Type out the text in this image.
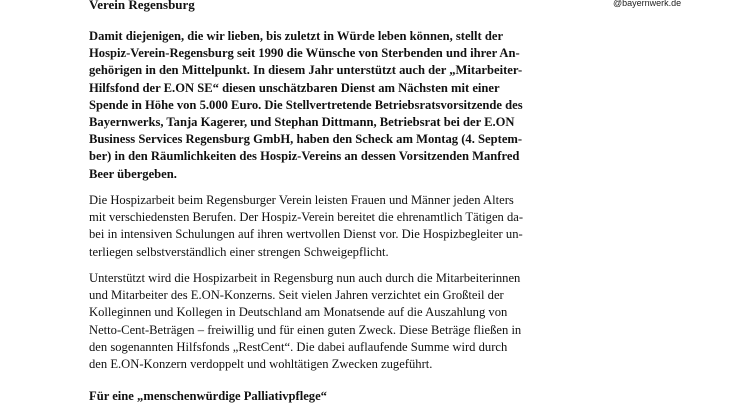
@bayernwerk.de
Verein Regensburg
Damit diejenigen, die wir lieben, bis zuletzt in Würde leben können, stellt der
Hospiz-Verein-Regensburg seit 1990 die Wünsche von Sterbenden und ihrer An-
gehörigen in den Mittelpunkt. In diesem Jahr unterstützt auch der „Mitarbeiter-
Hilfsfond der E.ON SE“ diesen unschätzbaren Dienst am Nächsten mit einer
Spende in Höhe von 5.000 Euro. Die Stellvertretende Betriebsratsvorsitzende des
Bayernwerks, Tanja Kagerer, und Stephan Dittmann, Betriebsrat bei der E.ON
Business Services Regensburg GmbH, haben den Scheck am Montag (4. Septem-
ber) in den Räumlichkeiten des Hospiz-Vereins an dessen Vorsitzenden Manfred
Beer übergeben.
Die Hospizarbeit beim Regensburger Verein leisten Frauen und Männer jeden Alters
mit verschiedensten Berufen. Der Hospiz-Verein bereitet die ehrenamtlich Tätigen da-
bei in intensiven Schulungen auf ihren wertvollen Dienst vor. Die Hospizbegleiter un-
terliegen selbstverständlich einer strengen Schweigepflicht.
Unterstützt wird die Hospizarbeit in Regensburg nun auch durch die Mitarbeiterinnen
und Mitarbeiter des E.ON-Konzerns. Seit vielen Jahren verzichtet ein Großteil der
Kolleginnen und Kollegen in Deutschland am Monatsende auf die Auszahlung von
Netto-Cent-Beträgen – freiwillig und für einen guten Zweck. Diese Beträge fließen in
den sogenannten Hilfsfonds „RestCent“. Die dabei auflaufende Summe wird durch
den E.ON-Konzern verdoppelt und wohltätigen Zwecken zugeführt.
Für eine „menschenwürdige Palliativpflege“
